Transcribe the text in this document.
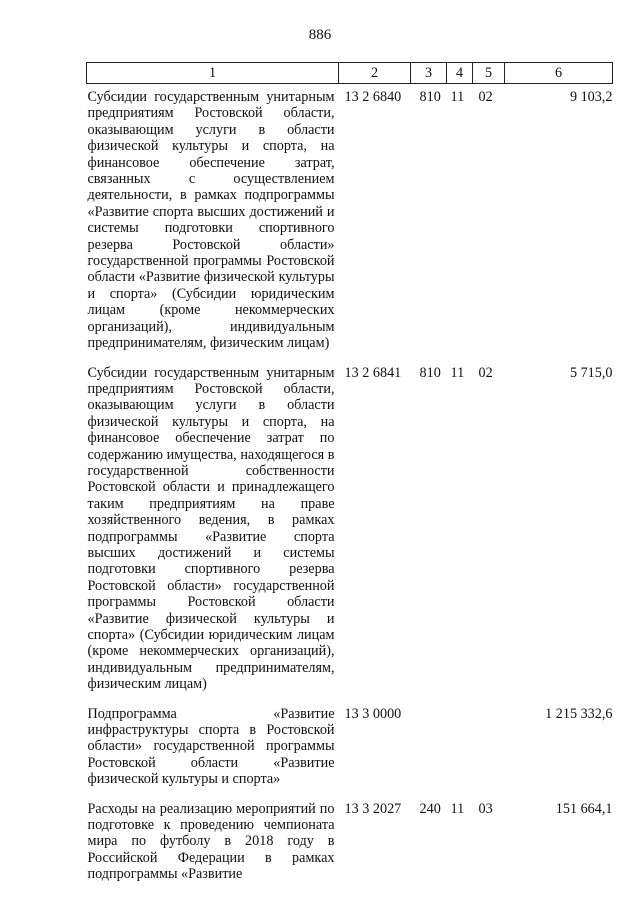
886
1	2	3	4	5	6
Субсидии государственным унитарным предприятиям Ростовской области, оказывающим услуги в области физической культуры и спорта, на финансовое обеспечение затрат, связанных с осуществлением деятельности, в рамках подпрограммы «Развитие спорта высших достижений и системы подготовки спортивного резерва Ростовской области» государственной программы Ростовской области «Развитие физической культуры и спорта» (Субсидии юридическим лицам (кроме некоммерческих организаций), индивидуальным предпринимателям, физическим лицам)	13 2 6840	810	11	02	9 103,2
Субсидии государственным унитарным предприятиям Ростовской области, оказывающим услуги в области физической культуры и спорта, на финансовое обеспечение затрат по содержанию имущества, находящегося в государственной собственности Ростовской области и принадлежащего таким предприятиям на праве хозяйственного ведения, в рамках подпрограммы «Развитие спорта высших достижений и системы подготовки спортивного резерва Ростовской области» государственной программы Ростовской области «Развитие физической культуры и спорта» (Субсидии юридическим лицам (кроме некоммерческих организаций), индивидуальным предпринимателям, физическим лицам)	13 2 6841	810	11	02	5 715,0
Подпрограмма «Развитие инфраструктуры спорта в Ростовской области» государственной программы Ростовской области «Развитие физической культуры и спорта»	13 3 0000				1 215 332,6
Расходы на реализацию мероприятий по подготовке к проведению чемпионата мира по футболу в 2018 году в Российской Федерации в рамках подпрограммы «Развитие	13 3 2027	240	11	03	151 664,1
